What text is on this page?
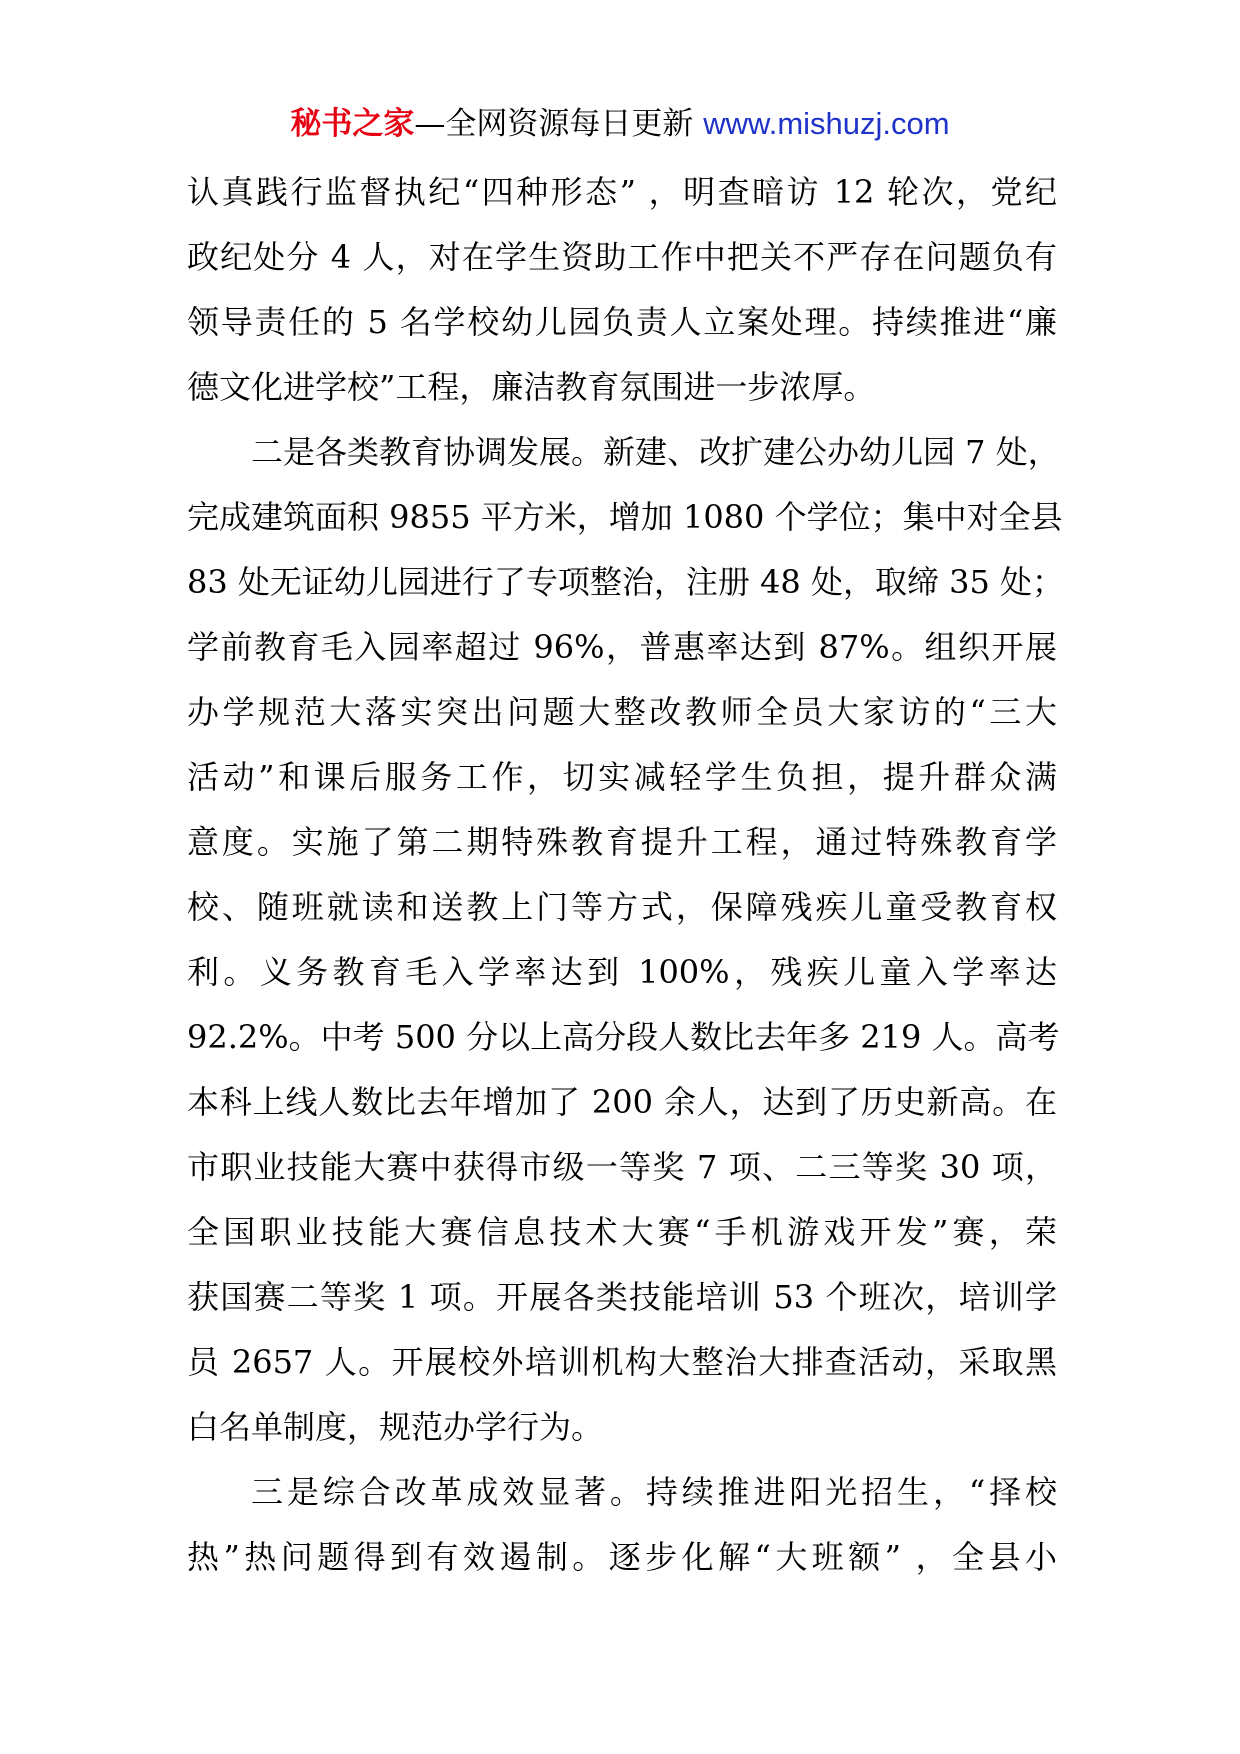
秘书之家—全网资源每日更新 www.mishuzj.com
认真践行监督执纪“四种形态” ，明查暗访 12 轮次，党纪
政纪处分 4 人，对在学生资助工作中把关不严存在问题负有
领导责任的 5 名学校幼儿园负责人立案处理。持续推进“廉
德文化进学校”工程，廉洁教育氛围进一步浓厚。
二是各类教育协调发展。新建、改扩建公办幼儿园 7 处，
完成建筑面积 9855 平方米，增加 1080 个学位；集中对全县
83 处无证幼儿园进行了专项整治，注册 48 处，取缔 35 处；
学前教育毛入园率超过 96%，普惠率达到 87%。组织开展
办学规范大落实突出问题大整改教师全员大家访的“三大
活动”和课后服务工作，切实减轻学生负担，提升群众满
意度。实施了第二期特殊教育提升工程，通过特殊教育学
校、随班就读和送教上门等方式，保障残疾儿童受教育权
利。义务教育毛入学率达到 100%，残疾儿童入学率达
92.2%。中考 500 分以上高分段人数比去年多 219 人。高考
本科上线人数比去年增加了 200 余人，达到了历史新高。在
市职业技能大赛中获得市级一等奖 7 项、二三等奖 30 项，
全国职业技能大赛信息技术大赛“手机游戏开发”赛，荣
获国赛二等奖 1 项。开展各类技能培训 53 个班次，培训学
员 2657 人。开展校外培训机构大整治大排查活动，采取黑
白名单制度，规范办学行为。
三是综合改革成效显著。持续推进阳光招生，“择校
热”热问题得到有效遏制。逐步化解“大班额” ，全县小
